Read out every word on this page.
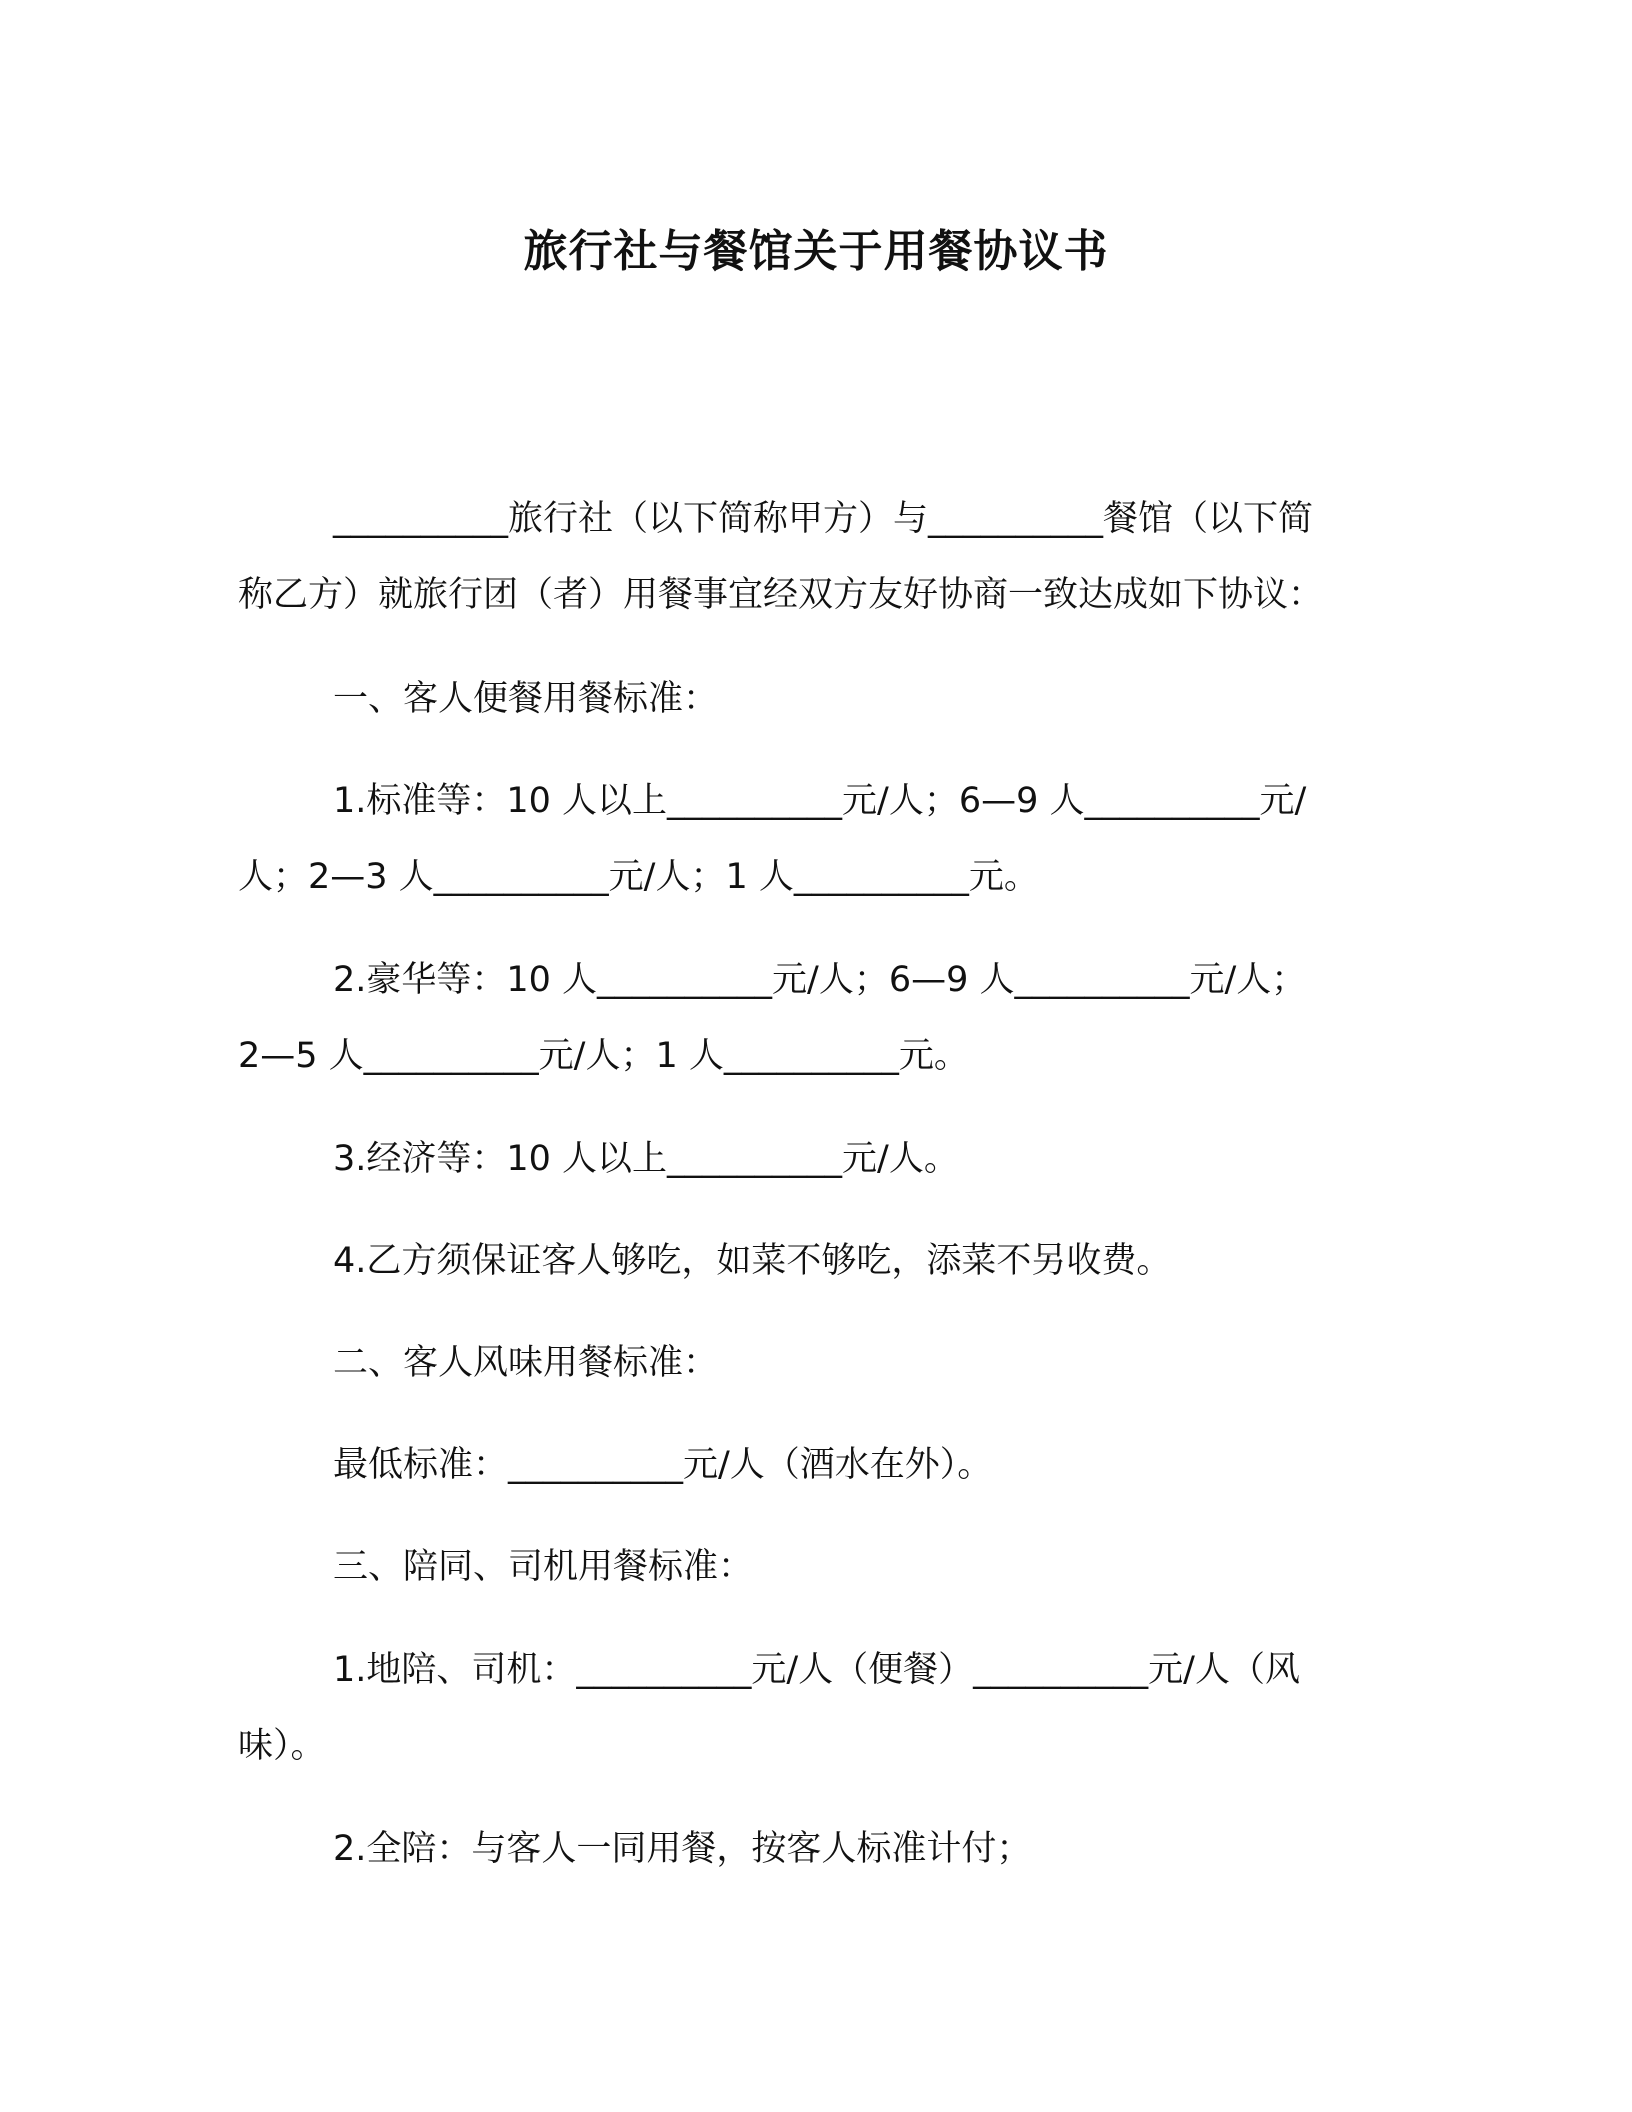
旅行社与餐馆关于用餐协议书
__________旅行社（以下简称甲方）与__________餐馆（以下简
称乙方）就旅行团（者）用餐事宜经双方友好协商一致达成如下协议：
一、客人便餐用餐标准：
1.标准等：10 人以上__________元/人；6—9 人__________元/
人；2—3 人__________元/人；1 人__________元。
2.豪华等：10 人__________元/人；6—9 人__________元/人；
2—5 人__________元/人；1 人__________元。
3.经济等：10 人以上__________元/人。
4.乙方须保证客人够吃，如菜不够吃，添菜不另收费。
二、客人风味用餐标准：
最低标准：__________元/人（酒水在外）。
三、陪同、司机用餐标准：
1.地陪、司机：__________元/人（便餐）__________元/人（风
味）。
2.全陪：与客人一同用餐，按客人标准计付；
